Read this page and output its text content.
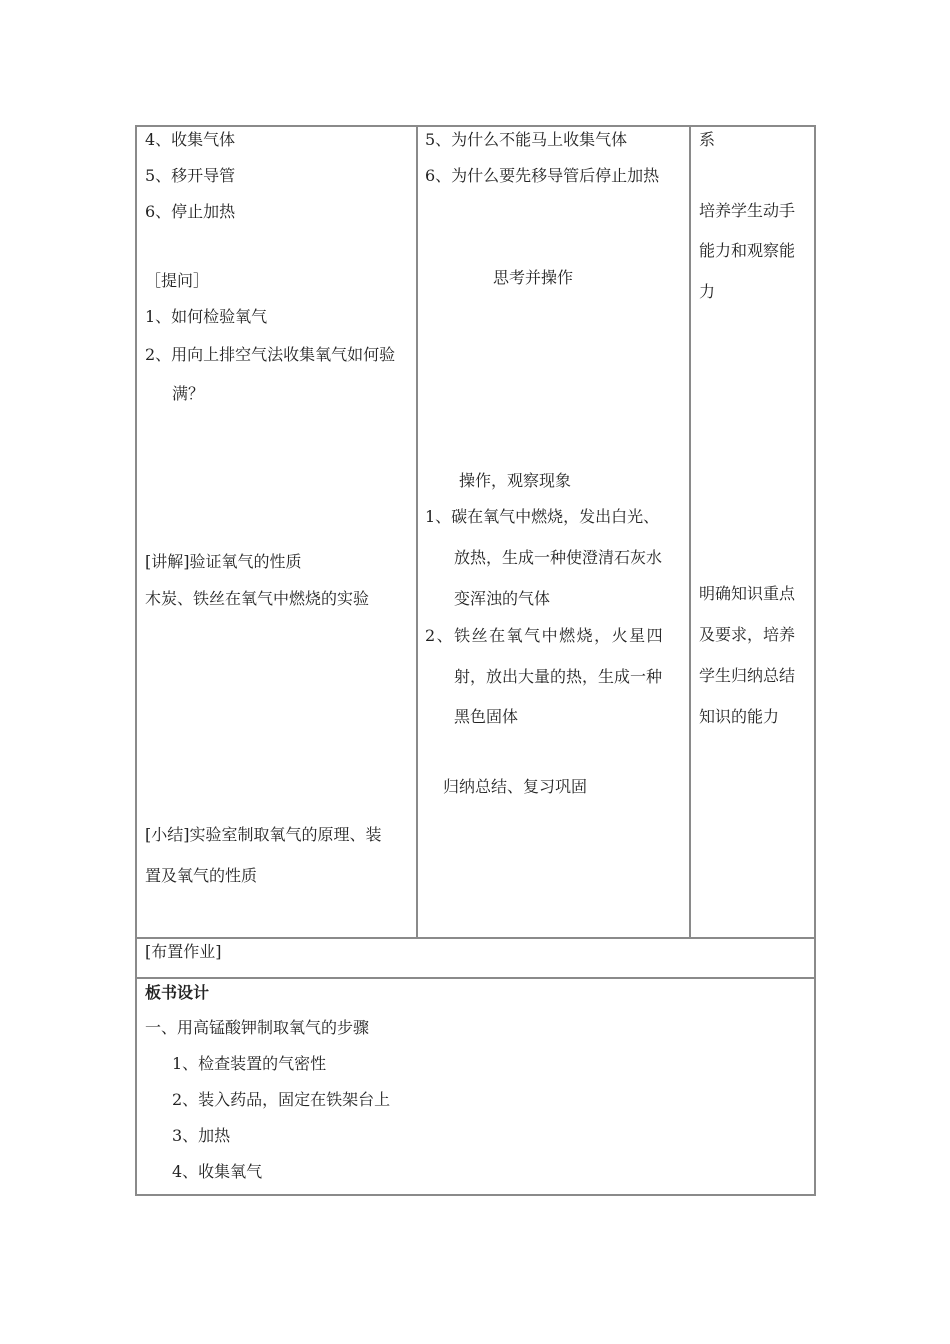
4、收集气体
5、移开导管
6、停止加热
［提问］
1、如何检验氧气
2、用向上排空气法收集氧气如何验
满？
[讲解]验证氧气的性质
木炭、铁丝在氧气中燃烧的实验
[小结]实验室制取氧气的原理、装
置及氧气的性质
5、为什么不能马上收集气体
6、为什么要先移导管后停止加热
思考并操作
操作，观察现象
1、碳在氧气中燃烧，发出白光、
放热，生成一种使澄清石灰水
变浑浊的气体
2、铁丝在氧气中燃烧，火星四
射，放出大量的热，生成一种
黑色固体
归纳总结、复习巩固
系
培养学生动手
能力和观察能
力
明确知识重点
及要求，培养
学生归纳总结
知识的能力
[布置作业]
板书设计
一、用高锰酸钾制取氧气的步骤
1、检查装置的气密性
2、装入药品，固定在铁架台上
3、加热
4、收集氧气
